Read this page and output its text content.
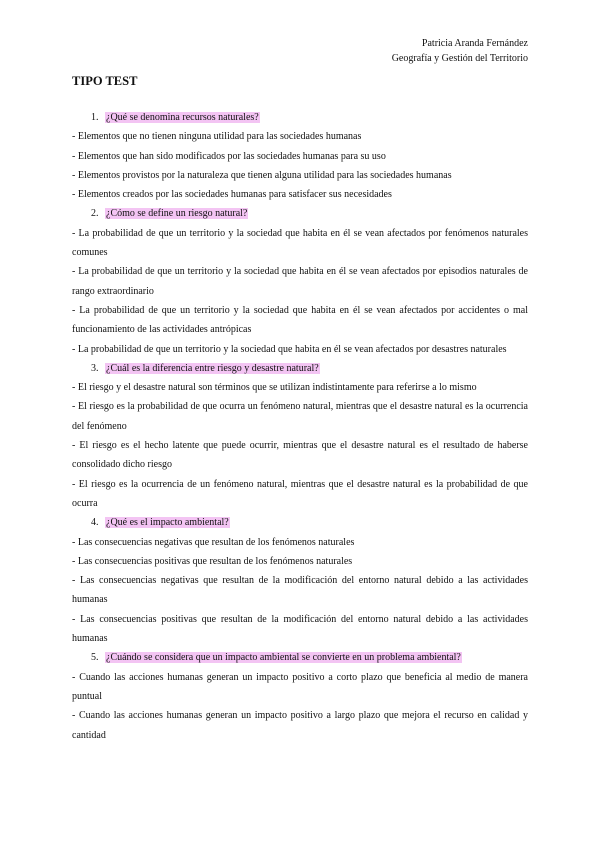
Patricia Aranda Fernández
Geografía y Gestión del Territorio
TIPO TEST

1. ¿Qué se denomina recursos naturales?

- Elementos que no tienen ninguna utilidad para las sociedades humanas

- Elementos que han sido modificados por las sociedades humanas para su uso

- Elementos provistos por la naturaleza que tienen alguna utilidad para las sociedades humanas

- Elementos creados por las sociedades humanas para satisfacer sus necesidades

2. ¿Cómo se define un riesgo natural?

- La probabilidad de que un territorio y la sociedad que habita en él se vean afectados por fenómenos naturales comunes

- La probabilidad de que un territorio y la sociedad que habita en él se vean afectados por episodios naturales de rango extraordinario

- La probabilidad de que un territorio y la sociedad que habita en él se vean afectados por accidentes o mal funcionamiento de las actividades antrópicas

- La probabilidad de que un territorio y la sociedad que habita en él se vean afectados por desastres naturales

3. ¿Cuál es la diferencia entre riesgo y desastre natural?

- El riesgo y el desastre natural son términos que se utilizan indistintamente para referirse a lo mismo

- El riesgo es la probabilidad de que ocurra un fenómeno natural, mientras que el desastre natural es la ocurrencia del fenómeno

- El riesgo es el hecho latente que puede ocurrir, mientras que el desastre natural es el resultado de haberse consolidado dicho riesgo

- El riesgo es la ocurrencia de un fenómeno natural, mientras que el desastre natural es la probabilidad de que ocurra

4. ¿Qué es el impacto ambiental?

- Las consecuencias negativas que resultan de los fenómenos naturales

- Las consecuencias positivas que resultan de los fenómenos naturales

- Las consecuencias negativas que resultan de la modificación del entorno natural debido a las actividades humanas

- Las consecuencias positivas que resultan de la modificación del entorno natural debido a las actividades humanas

5. ¿Cuándo se considera que un impacto ambiental se convierte en un problema ambiental?

- Cuando las acciones humanas generan un impacto positivo a corto plazo que beneficia al medio de manera puntual

- Cuando las acciones humanas generan un impacto positivo a largo plazo que mejora el recurso en calidad y cantidad
